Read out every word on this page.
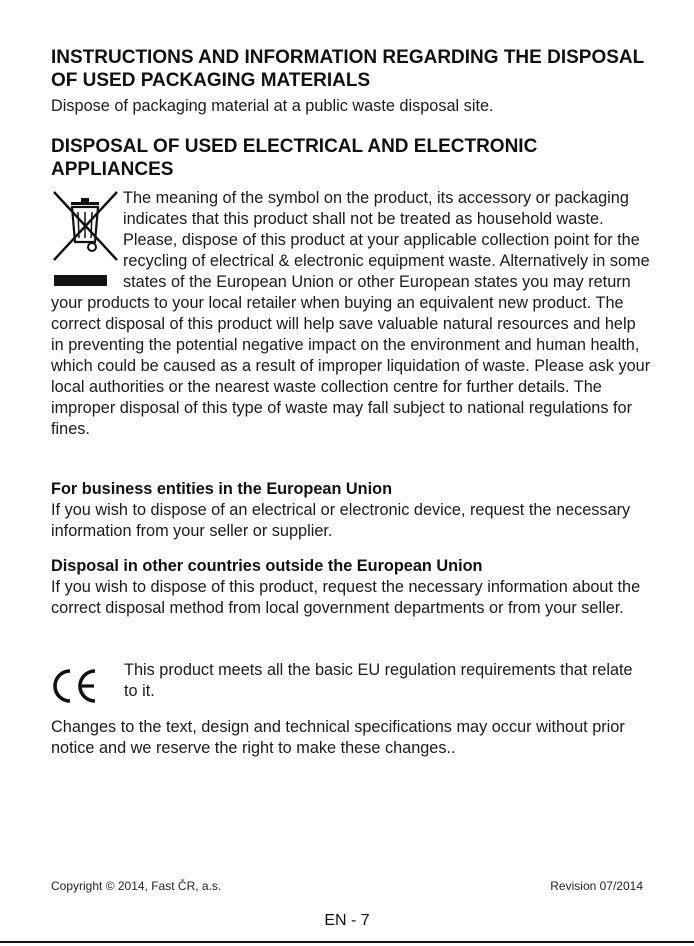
INSTRUCTIONS AND INFORMATION REGARDING THE DISPOSAL OF USED PACKAGING MATERIALS
Dispose of packaging material at a public waste disposal site.
DISPOSAL OF USED ELECTRICAL AND ELECTRONIC APPLIANCES

The meaning of the symbol on the product, its accessory or packaging indicates that this product shall not be treated as household waste. Please, dispose of this product at your applicable collection point for the recycling of electrical & electronic equipment waste. Alternatively in some states of the European Union or other European states you may return your products to your local retailer when buying an equivalent new product. The correct disposal of this product will help save valuable natural resources and help in preventing the potential negative impact on the environment and human health, which could be caused as a result of improper liquidation of waste. Please ask your local authorities or the nearest waste collection centre for further details. The improper disposal of this type of waste may fall subject to national regulations for fines.

For business entities in the European Union
If you wish to dispose of an electrical or electronic device, request the necessary information from your seller or supplier.
Disposal in other countries outside the European Union
If you wish to dispose of this product, request the necessary information about the correct disposal method from local government departments or from your seller.
This product meets all the basic EU regulation requirements that relate to it.
Changes to the text, design and technical specifications may occur without prior notice and we reserve the right to make these changes..
Copyright © 2014, Fast ČR, a.s.	Revision 07/2014
EN - 7
